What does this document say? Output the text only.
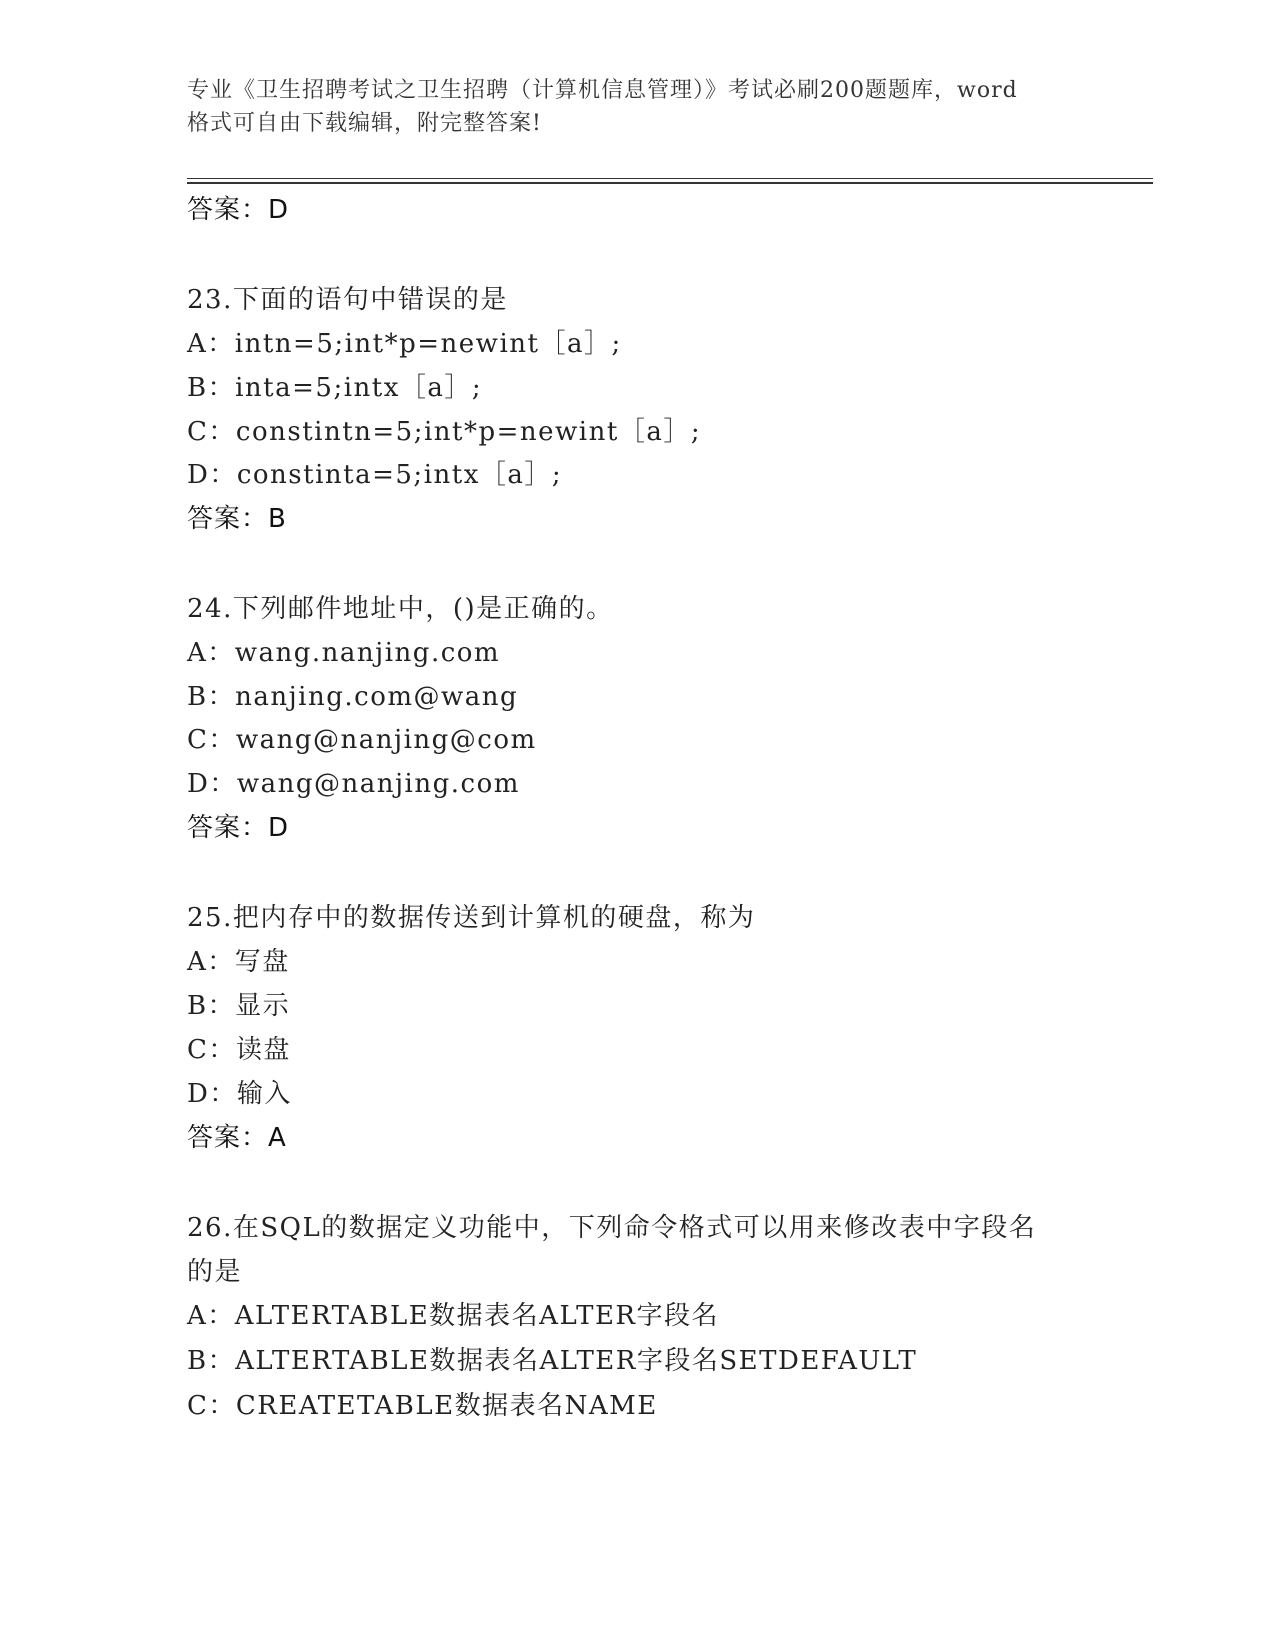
专业《卫生招聘考试之卫生招聘（计算机信息管理）》考试必刷200题题库，word
格式可自由下载编辑，附完整答案!
答案：D
23.下面的语句中错误的是
A：intn=5;int*p=newint［a］;
B：inta=5;intx［a］;
C：constintn=5;int*p=newint［a］;
D：constinta=5;intx［a］;
答案：B
24.下列邮件地址中，()是正确的。
A：wang.nanjing.com
B：nanjing.com@wang
C：wang@nanjing@com
D：wang@nanjing.com
答案：D
25.把内存中的数据传送到计算机的硬盘，称为
A：写盘
B：显示
C：读盘
D：输入
答案：A
26.在SQL的数据定义功能中，下列命令格式可以用来修改表中字段名
的是
A：ALTERTABLE数据表名ALTER字段名
B：ALTERTABLE数据表名ALTER字段名SETDEFAULT
C：CREATETABLE数据表名NAME
